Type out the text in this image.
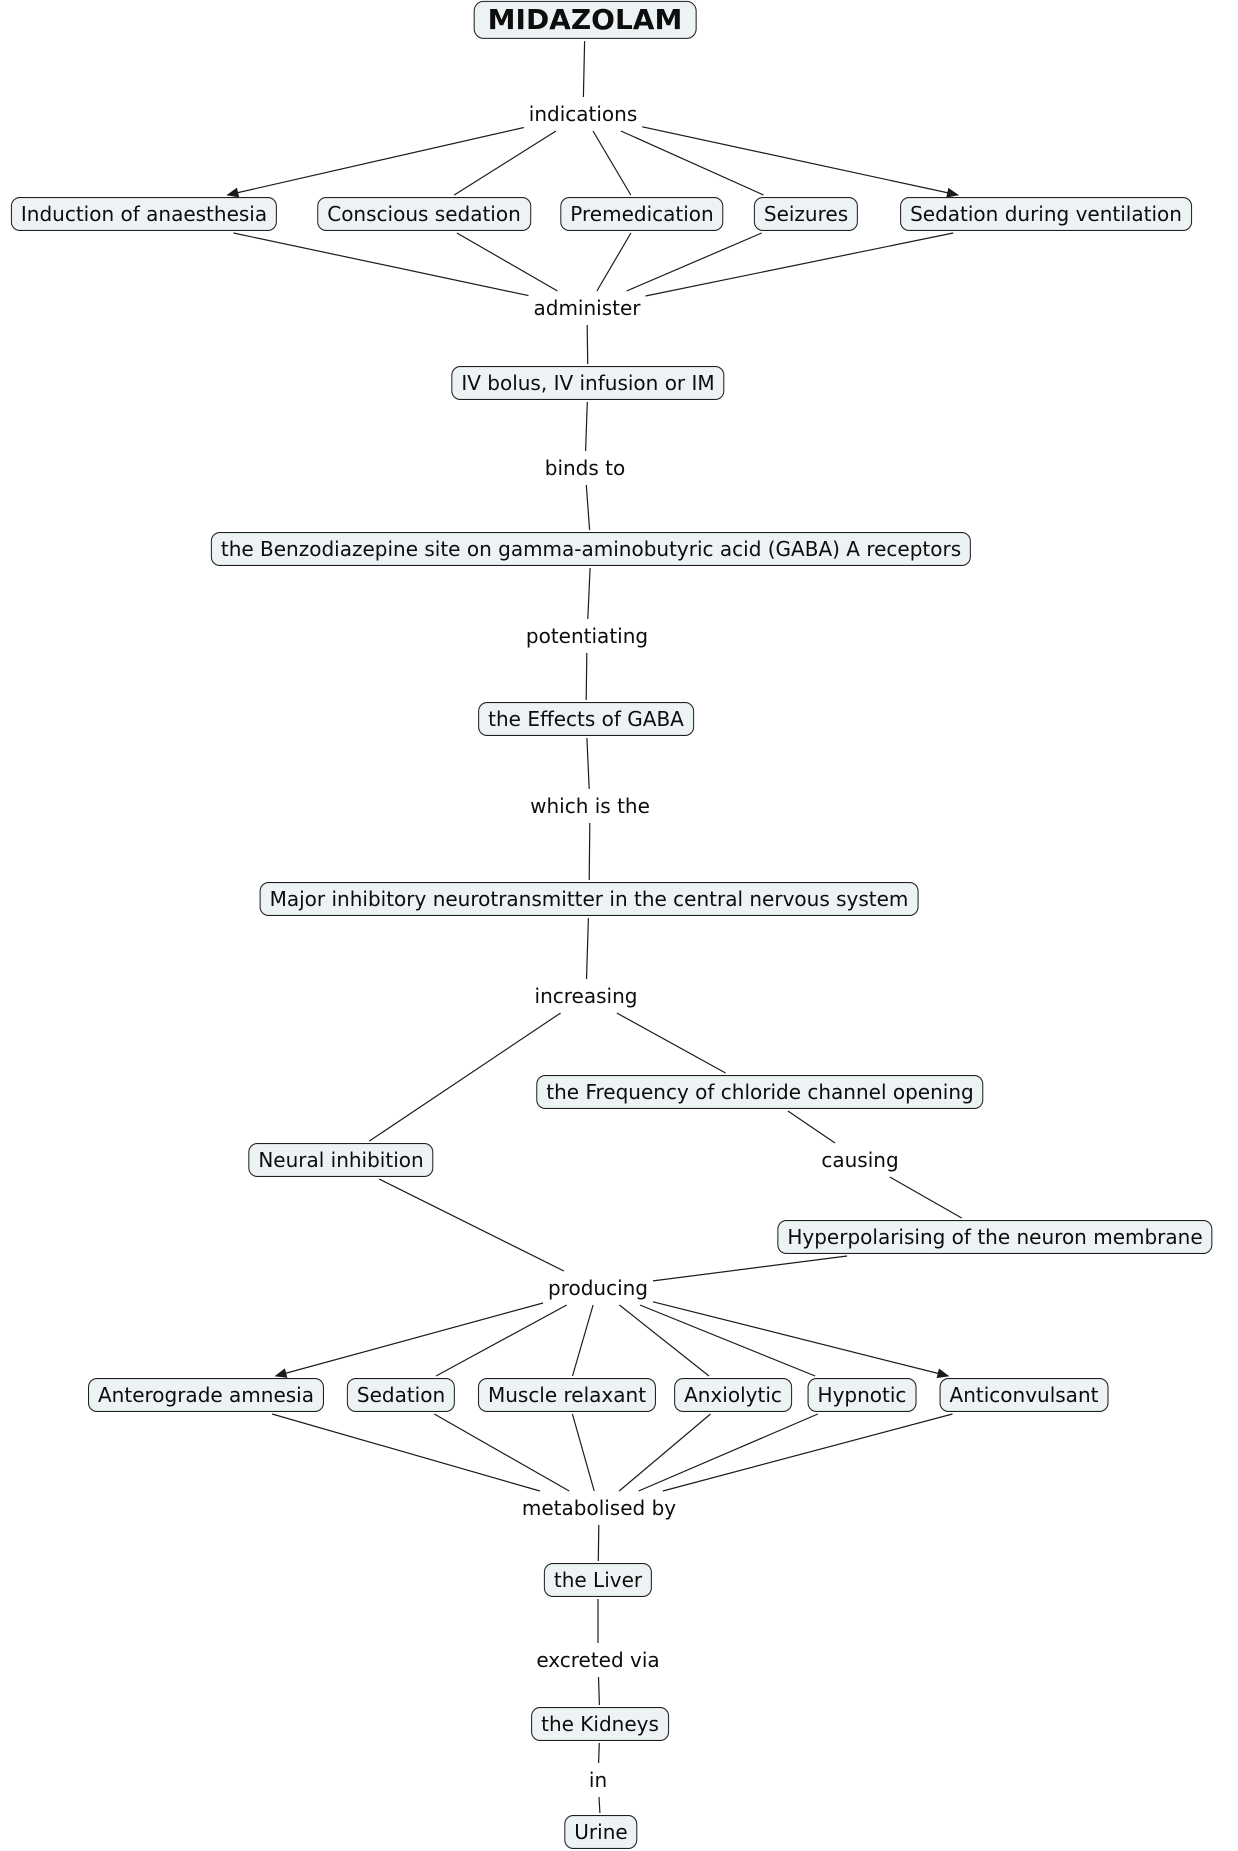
MIDAZOLAM
Induction of anaesthesia	Conscious sedation	Premedication	Seizures	Sedation during ventilation
IV bolus, IV infusion or IM
the Benzodiazepine site on gamma-aminobutyric acid (GABA) A receptors
the Effects of GABA
Major inhibitory neurotransmitter in the central nervous system
the Frequency of chloride channel opening
Neural inhibition
Hyperpolarising of the neuron membrane
Anterograde amnesia	Sedation	Muscle relaxant	Anxiolytic	Hypnotic	Anticonvulsant
the Liver
the Kidneys
Urine
indications
administer
binds to
potentiating
which is the
increasing
causing
producing
metabolised by
excreted via
in
